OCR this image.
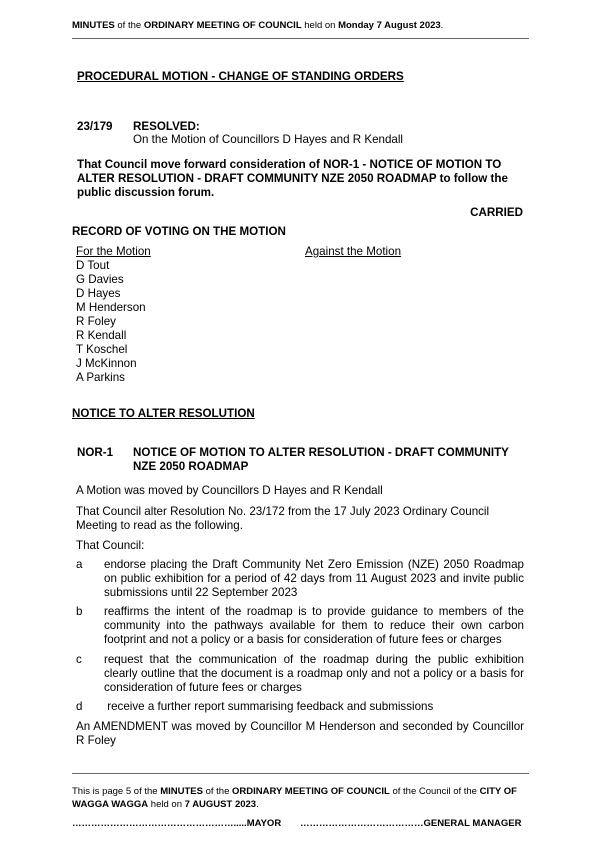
MINUTES of the ORDINARY MEETING OF COUNCIL held on Monday 7 August 2023.
PROCEDURAL MOTION - CHANGE OF STANDING ORDERS
23/179 RESOLVED:
On the Motion of Councillors D Hayes and R Kendall
That Council move forward consideration of NOR-1 - NOTICE OF MOTION TO
ALTER RESOLUTION - DRAFT COMMUNITY NZE 2050 ROADMAP to follow the
public discussion forum.
CARRIED
RECORD OF VOTING ON THE MOTION
For the Motion	Against the Motion
D Tout
G Davies
D Hayes
M Henderson
R Foley
R Kendall
T Koschel
J McKinnon
A Parkins
NOTICE TO ALTER RESOLUTION
NOR-1 NOTICE OF MOTION TO ALTER RESOLUTION - DRAFT COMMUNITY
NZE 2050 ROADMAP
A Motion was moved by Councillors D Hayes and R Kendall
That Council alter Resolution No. 23/172 from the 17 July 2023 Ordinary Council
Meeting to read as the following.
That Council:
a endorse placing the Draft Community Net Zero Emission (NZE) 2050 Roadmap on public exhibition for a period of 42 days from 11 August 2023 and invite public submissions until 22 September 2023
b reaffirms the intent of the roadmap is to provide guidance to members of the community into the pathways available for them to reduce their own carbon footprint and not a policy or a basis for consideration of future fees or charges
c request that the communication of the roadmap during the public exhibition clearly outline that the document is a roadmap only and not a policy or a basis for consideration of future fees or charges
d receive a further report summarising feedback and submissions
An AMENDMENT was moved by Councillor M Henderson and seconded by Councillor R Foley
This is page 5 of the MINUTES of the ORDINARY MEETING OF COUNCIL of the Council of the CITY OF WAGGA WAGGA held on 7 AUGUST 2023.
…………………………………………….....MAYOR …………………………………GENERAL MANAGER
